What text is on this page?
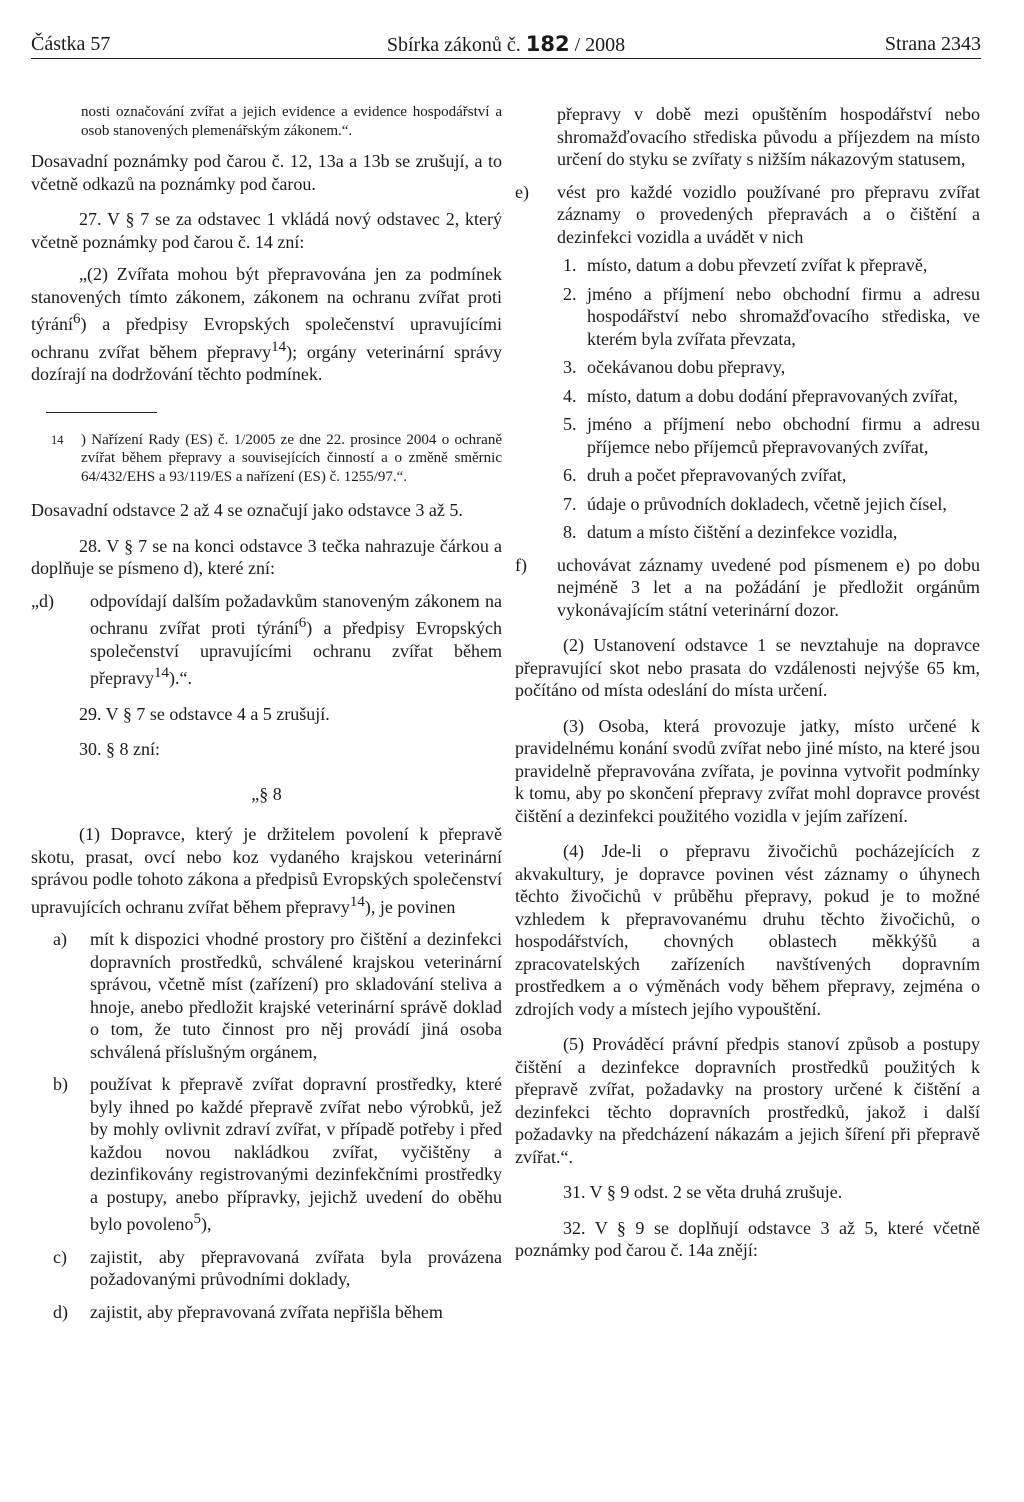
Částka 57	Sbírka zákonů č. 182 / 2008	Strana 2343

nosti označování zvířat a jejich evidence a evidence hospodářství a osob stanovených plemenářským zákonem.“.

Dosavadní poznámky pod čarou č. 12, 13a a 13b se zrušují, a to včetně odkazů na poznámky pod čarou.

27. V § 7 se za odstavec 1 vkládá nový odstavec 2, který včetně poznámky pod čarou č. 14 zní:

„(2) Zvířata mohou být přepravována jen za podmínek stanovených tímto zákonem, zákonem na ochranu zvířat proti týrání$^6$) a předpisy Evropských společenství upravujícími ochranu zvířat během přepravy$^{14}$); orgány veterinární správy dozírají na dodržování těchto podmínek.

14 ) Nařízení Rady (ES) č. 1/2005 ze dne 22. prosince 2004 o ochraně zvířat během přepravy a souvisejících činností a o změně směrnic 64/432/EHS a 93/119/ES a nařízení (ES) č. 1255/97.“.

Dosavadní odstavce 2 až 4 se označují jako odstavce 3 až 5.

28. V § 7 se na konci odstavce 3 tečka nahrazuje čárkou a doplňuje se písmeno d), které zní:

„d) odpovídají dalším požadavkům stanoveným zákonem na ochranu zvířat proti týrání$^6$) a předpisy Evropských společenství upravujícími ochranu zvířat během přepravy$^{14}$).“.

29. V § 7 se odstavce 4 a 5 zrušují.

30. § 8 zní:

„§ 8

(1) Dopravce, který je držitelem povolení k přepravě skotu, prasat, ovcí nebo koz vydaného krajskou veterinární správou podle tohoto zákona a předpisů Evropských společenství upravujících ochranu zvířat během přepravy$^{14}$), je povinen

a) mít k dispozici vhodné prostory pro čištění a dezinfekci dopravních prostředků, schválené krajskou veterinární správou, včetně míst (zařízení) pro skladování steliva a hnoje, anebo předložit krajské veterinární správě doklad o tom, že tuto činnost pro něj provádí jiná osoba schválená příslušným orgánem,
b) používat k přepravě zvířat dopravní prostředky, které byly ihned po každé přepravě zvířat nebo výrobků, jež by mohly ovlivnit zdraví zvířat, v případě potřeby i před každou novou nakládkou zvířat, vyčištěny a dezinfikovány registrovanými dezinfekčními prostředky a postupy, anebo přípravky, jejichž uvedení do oběhu bylo povoleno$^5$),
c) zajistit, aby přepravovaná zvířata byla provázena požadovanými průvodními doklady,
d) zajistit, aby přepravovaná zvířata nepřišla během

přepravy v době mezi opuštěním hospodářství nebo shromažďovacího střediska původu a příjezdem na místo určení do styku se zvířaty s nižším nákazovým statusem,

e) vést pro každé vozidlo používané pro přepravu zvířat záznamy o provedených přepravách a o čištění a dezinfekci vozidla a uvádět v nich
1. místo, datum a dobu převzetí zvířat k přepravě,
2. jméno a příjmení nebo obchodní firmu a adresu hospodářství nebo shromažďovacího střediska, ve kterém byla zvířata převzata,
3. očekávanou dobu přepravy,
4. místo, datum a dobu dodání přepravovaných zvířat,
5. jméno a příjmení nebo obchodní firmu a adresu příjemce nebo příjemců přepravovaných zvířat,
6. druh a počet přepravovaných zvířat,
7. údaje o průvodních dokladech, včetně jejich čísel,
8. datum a místo čištění a dezinfekce vozidla,
f) uchovávat záznamy uvedené pod písmenem e) po dobu nejméně 3 let a na požádání je předložit orgánům vykonávajícím státní veterinární dozor.

(2) Ustanovení odstavce 1 se nevztahuje na dopravce přepravující skot nebo prasata do vzdálenosti nejvýše 65 km, počítáno od místa odeslání do místa určení.

(3) Osoba, která provozuje jatky, místo určené k pravidelnému konání svodů zvířat nebo jiné místo, na které jsou pravidelně přepravována zvířata, je povinna vytvořit podmínky k tomu, aby po skončení přepravy zvířat mohl dopravce provést čištění a dezinfekci použitého vozidla v jejím zařízení.

(4) Jde-li o přepravu živočichů pocházejících z akvakultury, je dopravce povinen vést záznamy o úhynech těchto živočichů v průběhu přepravy, pokud je to možné vzhledem k přepravovanému druhu těchto živočichů, o hospodářstvích, chovných oblastech měkkýšů a zpracovatelských zařízeních navštívených dopravním prostředkem a o výměnách vody během přepravy, zejména o zdrojích vody a místech jejího vypouštění.

(5) Prováděcí právní předpis stanoví způsob a postupy čištění a dezinfekce dopravních prostředků použitých k přepravě zvířat, požadavky na prostory určené k čištění a dezinfekci těchto dopravních prostředků, jakož i další požadavky na předcházení nákazám a jejich šíření při přepravě zvířat.“.

31. V § 9 odst. 2 se věta druhá zrušuje.

32. V § 9 se doplňují odstavce 3 až 5, které včetně poznámky pod čarou č. 14a znějí:
